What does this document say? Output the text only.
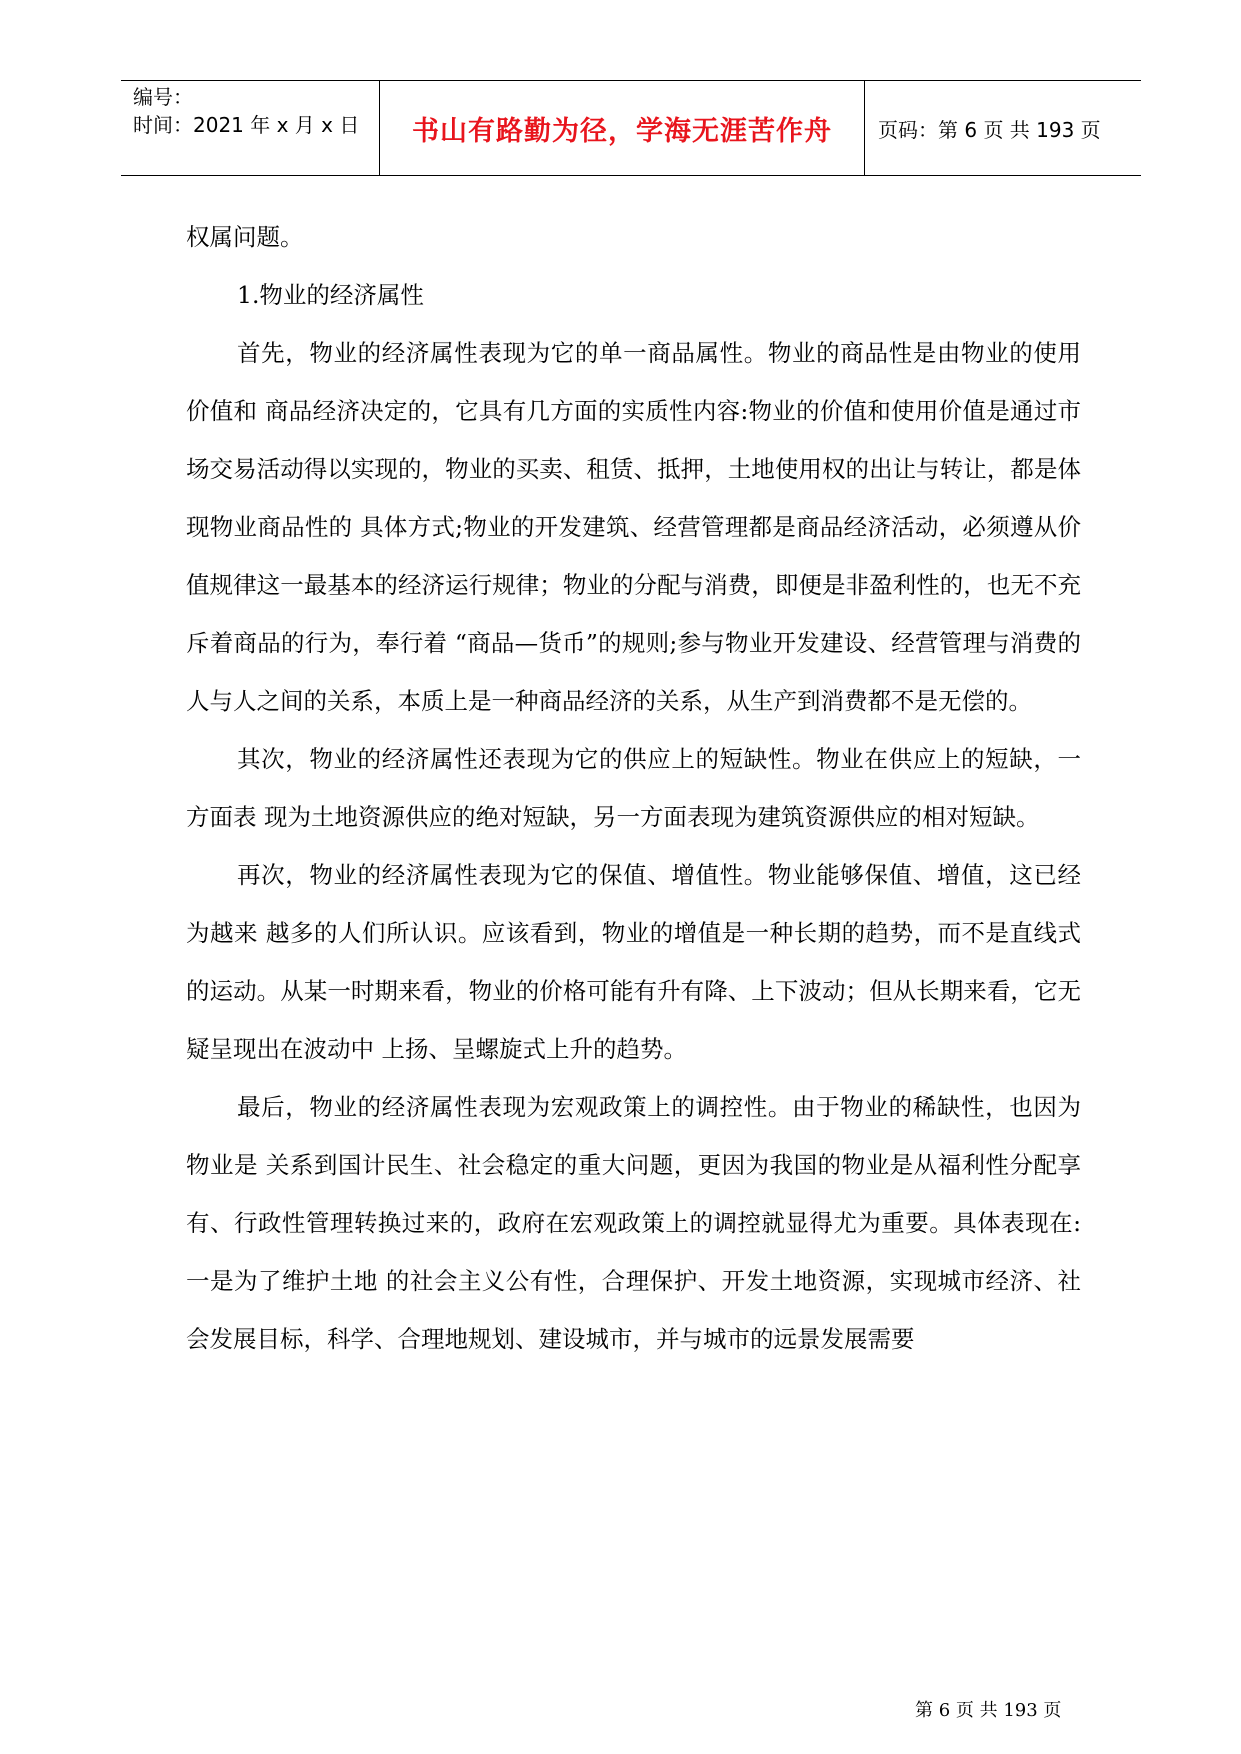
编号：
时间：2021 年 x 月 x 日 书山有路勤为径，学海无涯苦作舟 页码：第 6 页 共 193 页

权属问题。

1.物业的经济属性

首先，物业的经济属性表现为它的单一商品属性。物业的商品性是由物业的使用价值和 商品经济决定的，它具有几方面的实质性内容:物业的价值和使用价值是通过市场交易活动得以实现的，物业的买卖、租赁、抵押，土地使用权的出让与转让，都是体现物业商品性的 具体方式;物业的开发建筑、经营管理都是商品经济活动，必须遵从价值规律这一最基本的经济运行规律；物业的分配与消费，即便是非盈利性的，也无不充斥着商品的行为，奉行着 “商品—货币”的规则;参与物业开发建设、经营管理与消费的人与人之间的关系，本质上是一种商品经济的关系，从生产到消费都不是无偿的。

其次，物业的经济属性还表现为它的供应上的短缺性。物业在供应上的短缺，一方面表 现为土地资源供应的绝对短缺，另一方面表现为建筑资源供应的相对短缺。

再次，物业的经济属性表现为它的保值、增值性。物业能够保值、增值，这已经为越来 越多的人们所认识。应该看到，物业的增值是一种长期的趋势，而不是直线式的运动。从某一时期来看，物业的价格可能有升有降、上下波动；但从长期来看，它无疑呈现出在波动中 上扬、呈螺旋式上升的趋势。

最后，物业的经济属性表现为宏观政策上的调控性。由于物业的稀缺性，也因为物业是 关系到国计民生、社会稳定的重大问题，更因为我国的物业是从福利性分配享有、行政性管理转换过来的，政府在宏观政策上的调控就显得尤为重要。具体表现在:一是为了维护土地 的社会主义公有性，合理保护、开发土地资源，实现城市经济、社会发展目标，科学、合理地规划、建设城市，并与城市的远景发展需要

第 6 页 共 193 页
